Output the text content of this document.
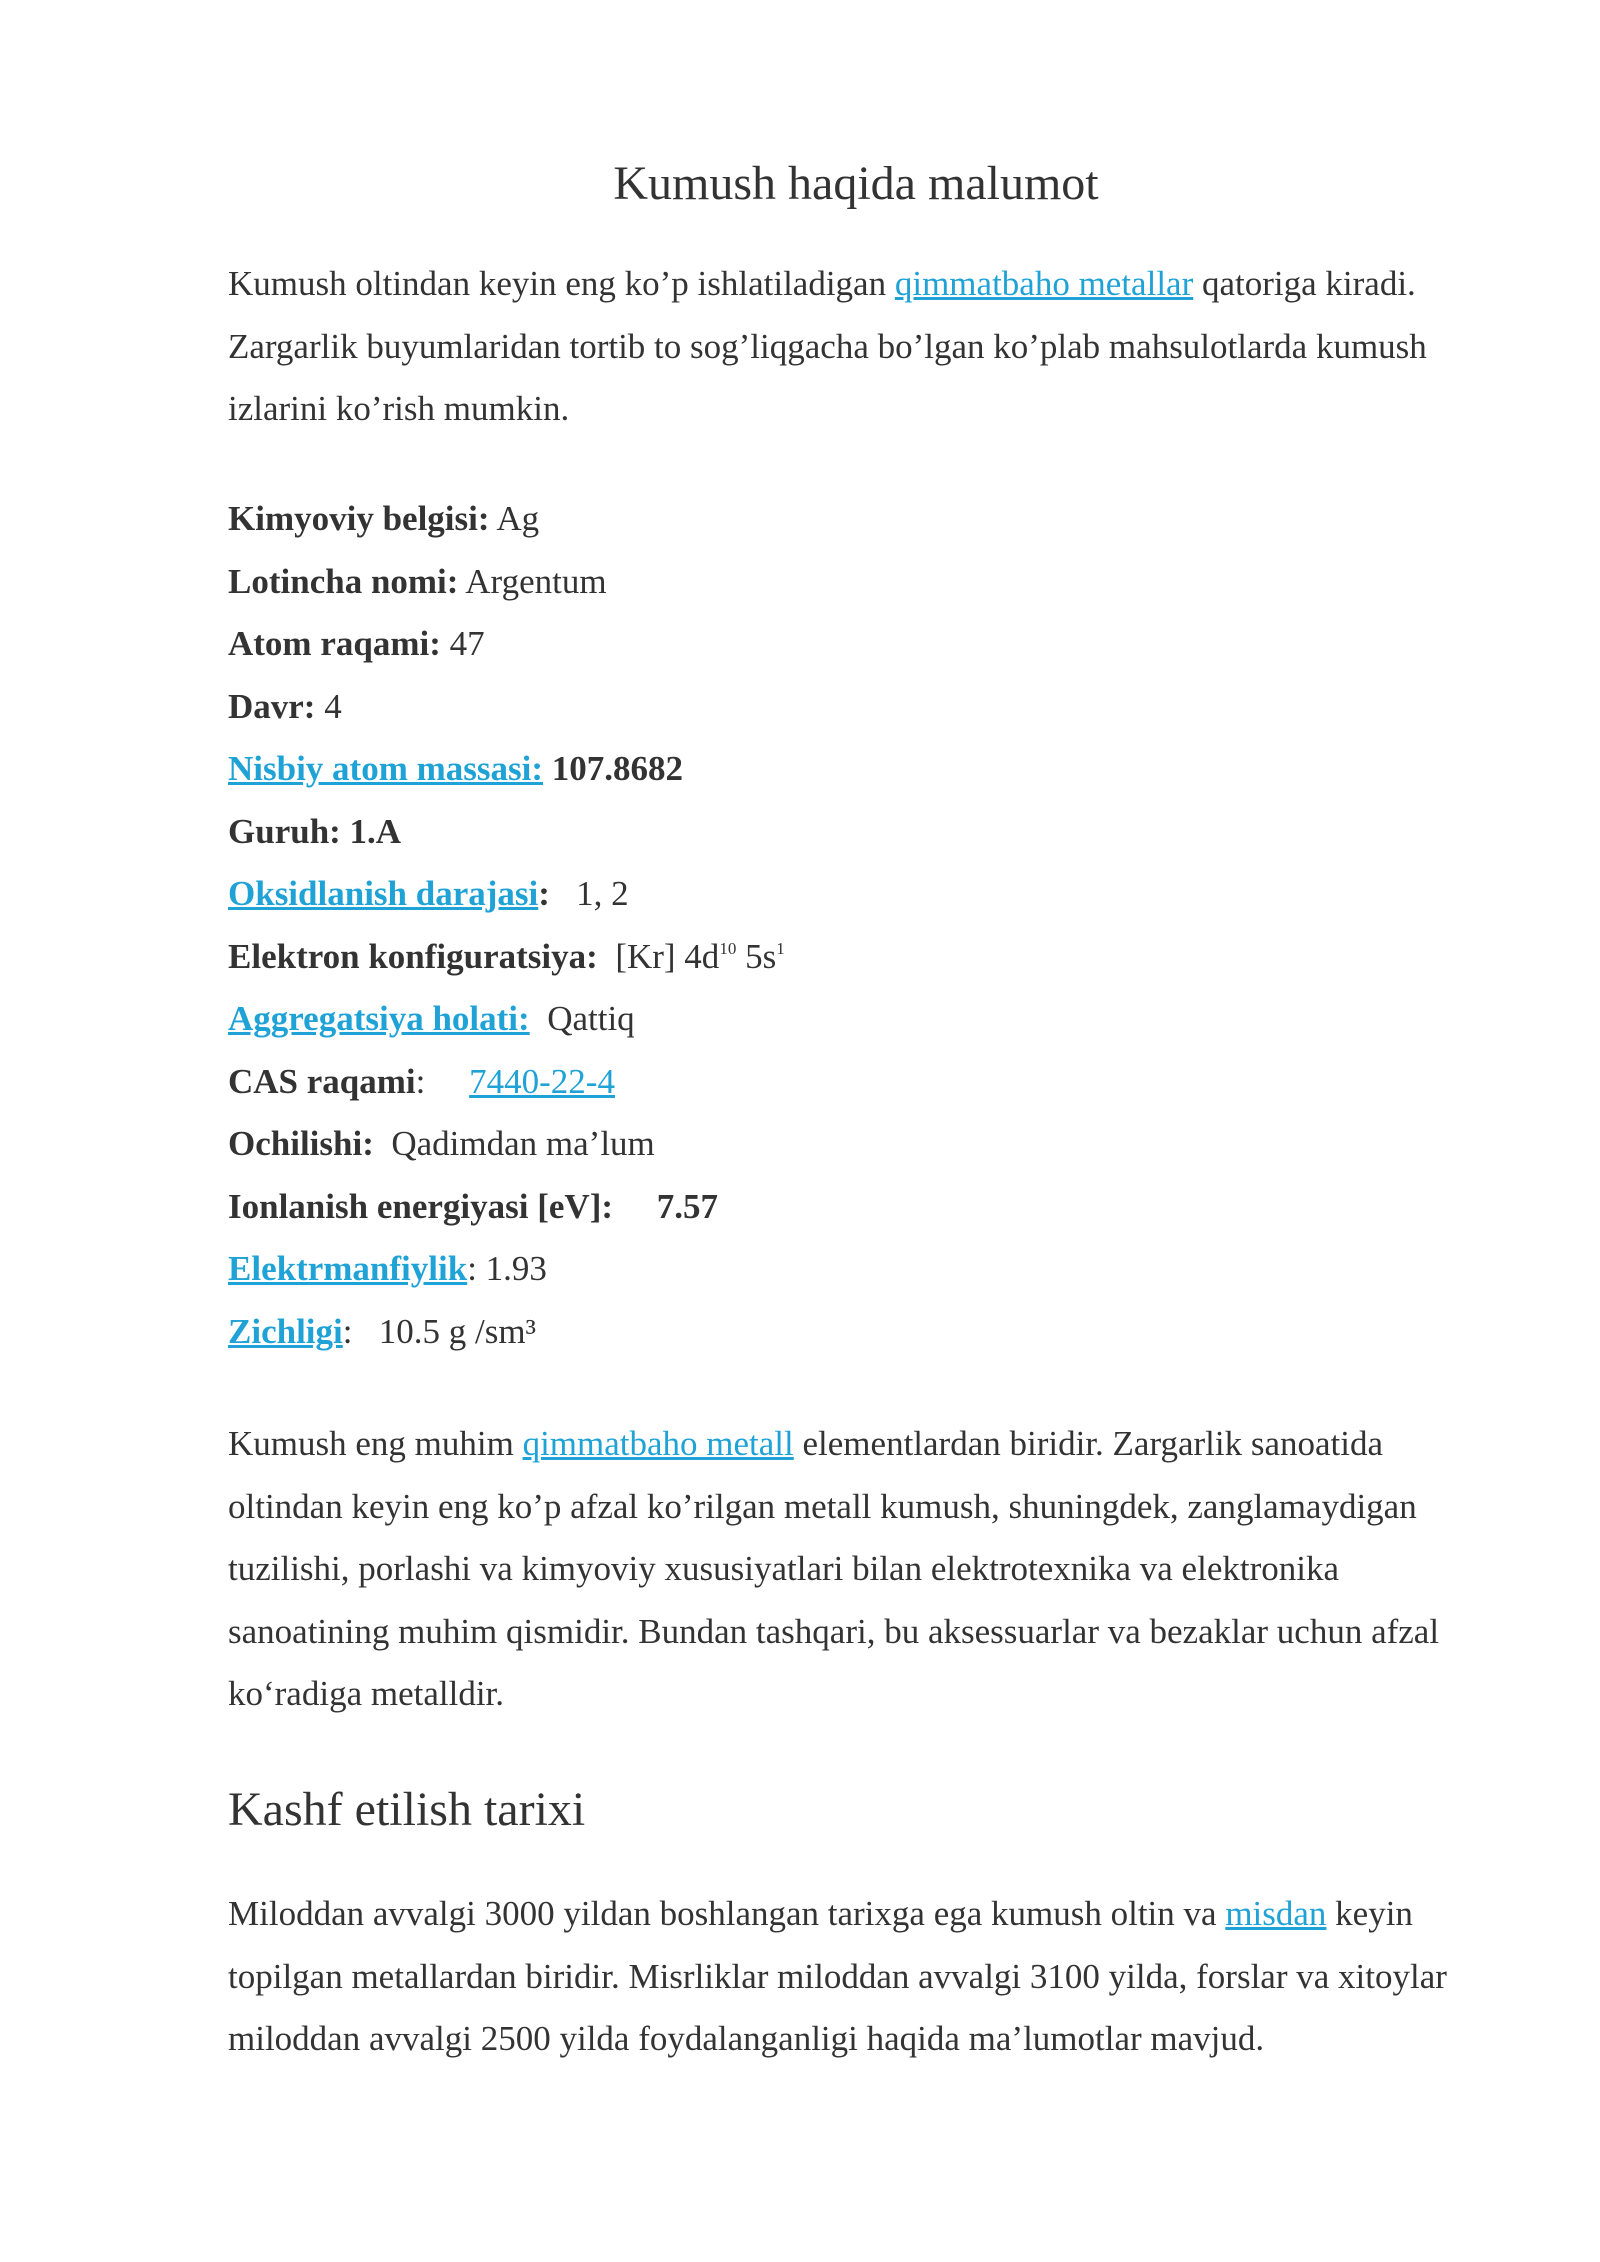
Kumush haqida malumot

Kumush oltindan keyin eng ko’p ishlatiladigan qimmatbaho metallar qatoriga kiradi. Zargarlik buyumlaridan tortib to sog’liqgacha bo’lgan ko’plab mahsulotlarda kumush izlarini ko’rish mumkin.

Kimyoviy belgisi: Ag
Lotincha nomi: Argentum
Atom raqami: 47
Davr: 4
Nisbiy atom massasi: 107.8682
Guruh: 1.A
Oksidlanish darajasi: 1, 2
Elektron konfiguratsiya: [Kr] $4d^{10}$ $5s^1$
Aggregatsiya holati: Qattiq
CAS raqami: 7440-22-4
Ochilishi: Qadimdan ma’lum
Ionlanish energiyasi [eV]: 7.57
Elektrmanfiylik: 1.93
Zichligi:   10.5 g /sm³

Kumush eng muhim qimmatbaho metall elementlardan biridir. Zargarlik sanoatida oltindan keyin eng ko’p afzal ko’rilgan metall kumush, shuningdek, zanglamaydigan tuzilishi, porlashi va kimyoviy xususiyatlari bilan elektrotexnika va elektronika sanoatining muhim qismidir. Bundan tashqari, bu aksessuarlar va bezaklar uchun afzal ko‘radiga metalldir.

Kashf etilish tarixi

Miloddan avvalgi 3000 yildan boshlangan tarixga ega kumush oltin va misdan keyin topilgan metallardan biridir. Misrliklar miloddan avvalgi 3100 yilda, forslar va xitoylar miloddan avvalgi 2500 yilda foydalanganligi haqida ma’lumotlar mavjud.
